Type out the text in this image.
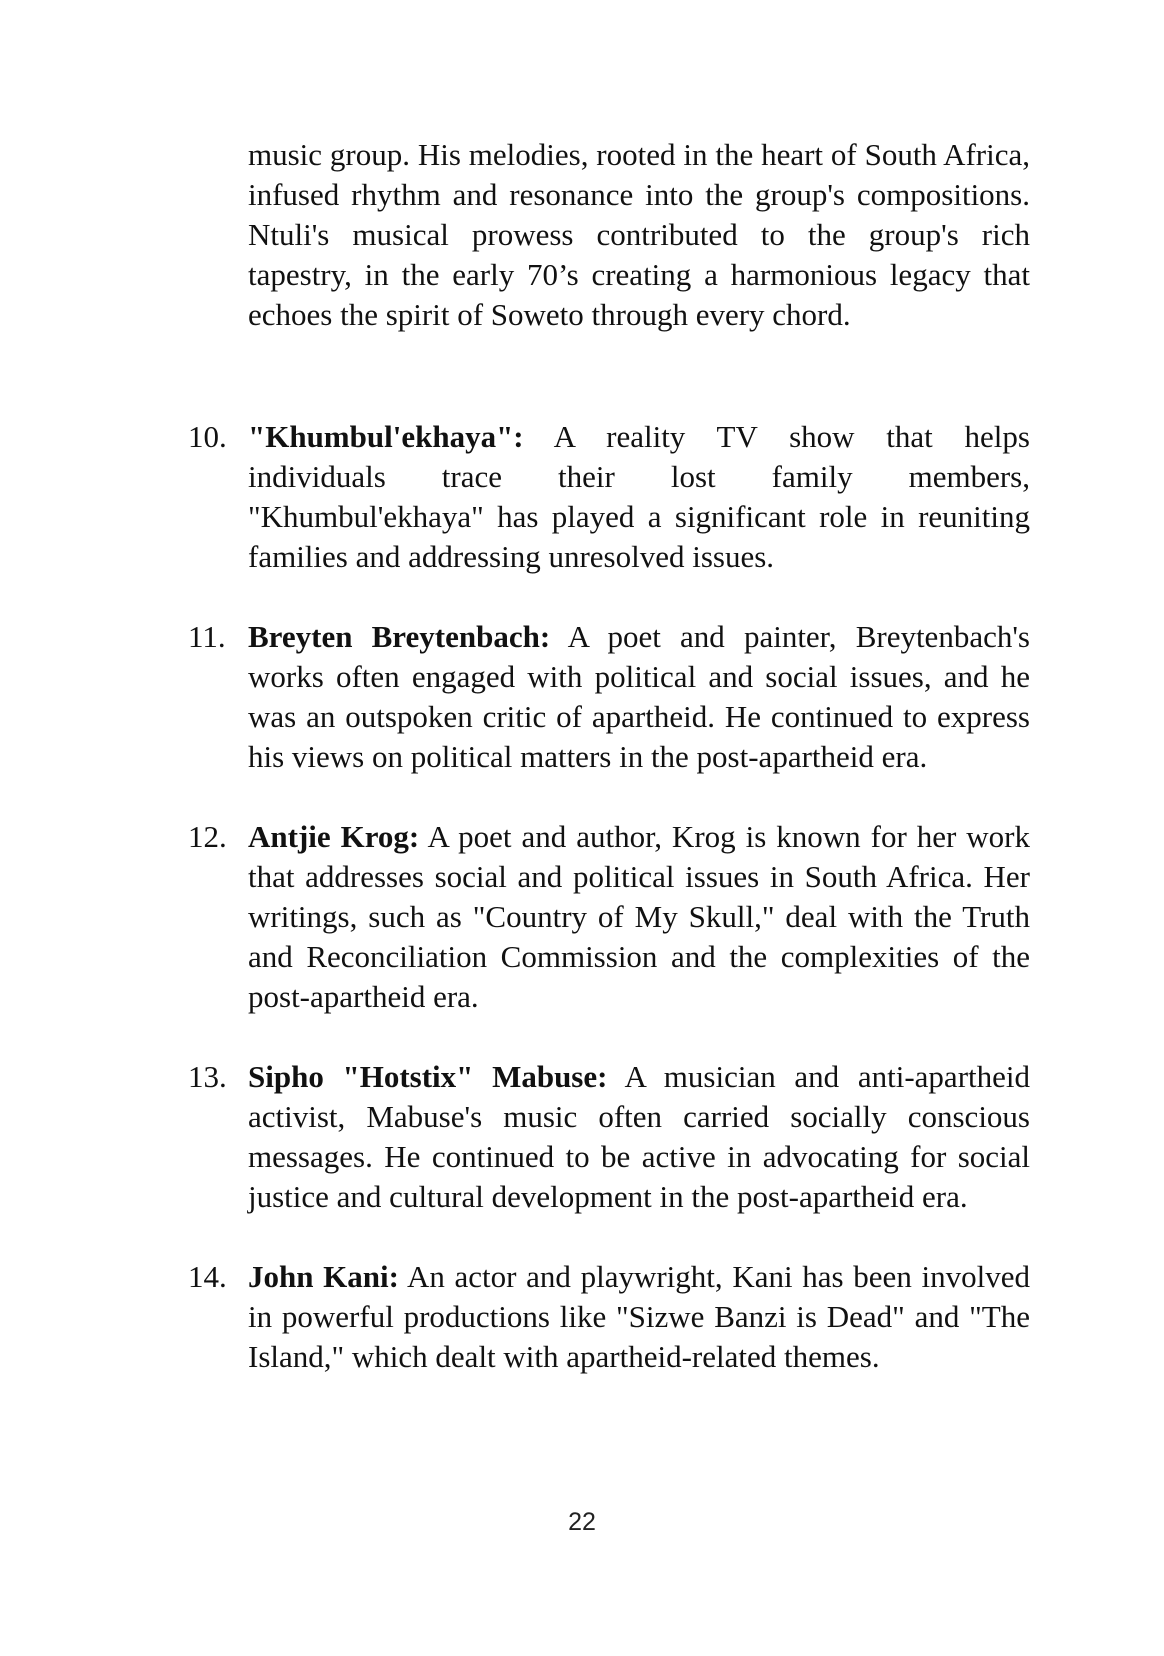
music group. His melodies, rooted in the heart of South Africa, infused rhythm and resonance into the group's compositions. Ntuli's musical prowess contributed to the group's rich tapestry, in the early 70’s creating a harmonious legacy that echoes the spirit of Soweto through every chord.

10. "Khumbul'ekhaya": A reality TV show that helps individuals trace their lost family members, "Khumbul'ekhaya" has played a significant role in reuniting families and addressing unresolved issues.
11. Breyten Breytenbach: A poet and painter, Breytenbach's works often engaged with political and social issues, and he was an outspoken critic of apartheid. He continued to express his views on political matters in the post-apartheid era.
12. Antjie Krog: A poet and author, Krog is known for her work that addresses social and political issues in South Africa. Her writings, such as "Country of My Skull," deal with the Truth and Reconciliation Commission and the complexities of the post-apartheid era.
13. Sipho "Hotstix" Mabuse: A musician and anti-apartheid activist, Mabuse's music often carried socially conscious messages. He continued to be active in advocating for social justice and cultural development in the post-apartheid era.
14. John Kani: An actor and playwright, Kani has been involved in powerful productions like "Sizwe Banzi is Dead" and "The Island," which dealt with apartheid-related themes.
22
